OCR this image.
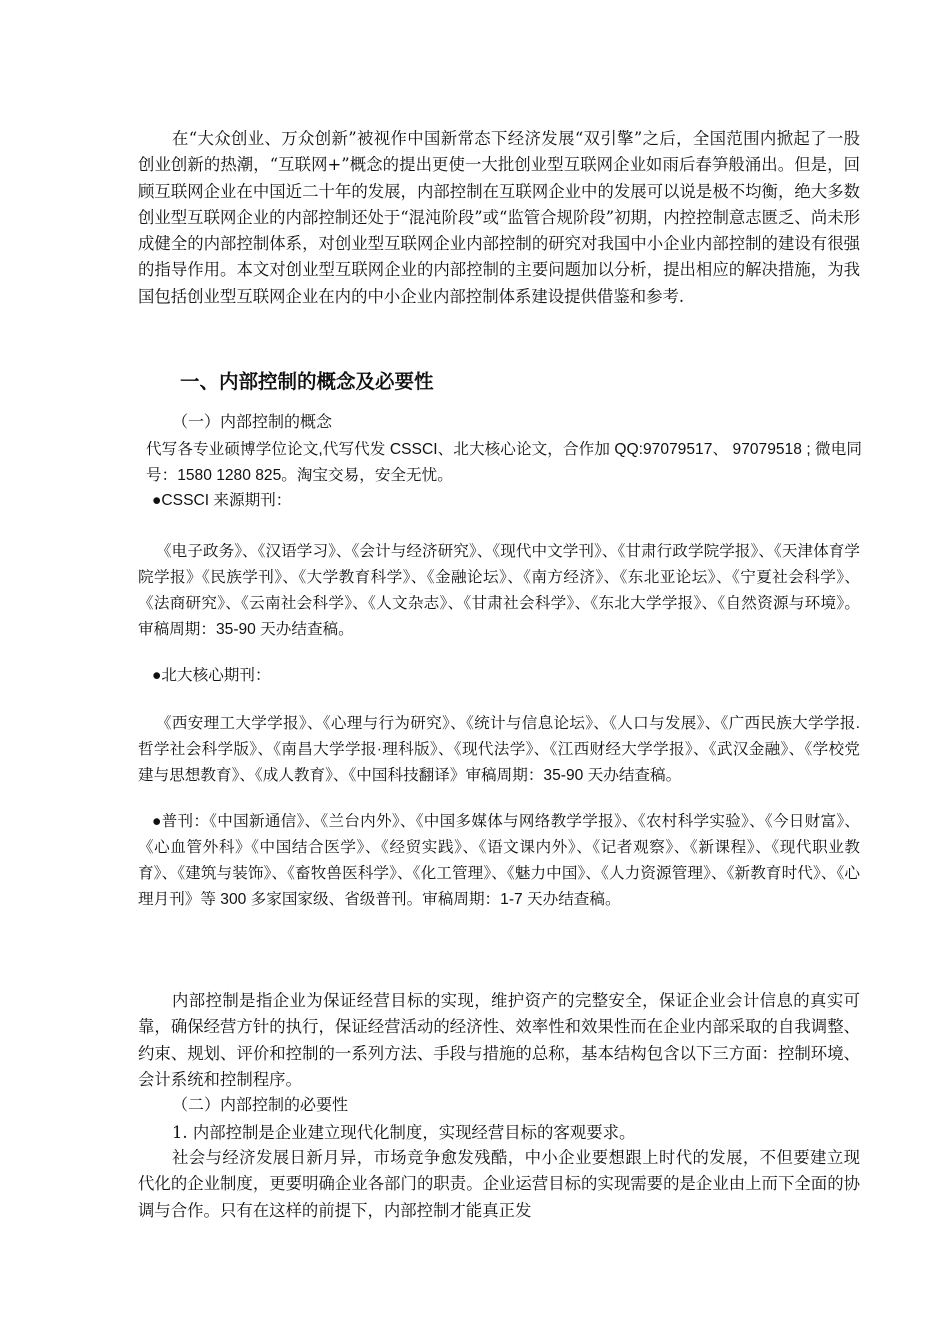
在“大众创业、万众创新”被视作中国新常态下经济发展“双引擎”之后，全国范围内掀起了一股创业创新的热潮，“互联网+”概念的提出更使一大批创业型互联网企业如雨后春笋般涌出。但是，回顾互联网企业在中国近二十年的发展，内部控制在互联网企业中的发展可以说是极不均衡，绝大多数创业型互联网企业的内部控制还处于“混沌阶段”或“监管合规阶段”初期，内控控制意志匮乏、尚未形成健全的内部控制体系，对创业型互联网企业内部控制的研究对我国中小企业内部控制的建设有很强的指导作用。本文对创业型互联网企业的内部控制的主要问题加以分析，提出相应的解决措施，为我国包括创业型互联网企业在内的中小企业内部控制体系建设提供借鉴和参考.

一、内部控制的概念及必要性

（一）内部控制的概念

代写各专业硕博学位论文,代写代发 CSSCI、北大核心论文，合作加 QQ:97079517、 97079518 ; 微电同号：1580 1280 825。淘宝交易，安全无忧。

●CSSCI 来源期刊：

《电子政务》、《汉语学习》、《会计与经济研究》、《现代中文学刊》、《甘肃行政学院学报》、《天津体育学院学报》《民族学刊》、《大学教育科学》、《金融论坛》、《南方经济》、《东北亚论坛》、《宁夏社会科学》、《法商研究》、《云南社会科学》、《人文杂志》、《甘肃社会科学》、《东北大学学报》、《自然资源与环境》。审稿周期：35-90 天办结查稿。

●北大核心期刊：

《西安理工大学学报》、《心理与行为研究》、《统计与信息论坛》、《人口与发展》、《广西民族大学学报.哲学社会科学版》、《南昌大学学报·理科版》、《现代法学》、《江西财经大学学报》、《武汉金融》、《学校党建与思想教育》、《成人教育》、《中国科技翻译》审稿周期：35-90 天办结查稿。

●普刊：《中国新通信》、《兰台内外》、《中国多媒体与网络教学学报》、《农村科学实验》、《今日财富》、《心血管外科》《中国结合医学》、《经贸实践》、《语文课内外》、《记者观察》、《新课程》、《现代职业教育》、《建筑与装饰》、《畜牧兽医科学》、《化工管理》、《魅力中国》、《人力资源管理》、《新教育时代》、《心理月刊》等 300 多家国家级、省级普刊。审稿周期：1-7 天办结查稿。

内部控制是指企业为保证经营目标的实现，维护资产的完整安全，保证企业会计信息的真实可靠，确保经营方针的执行，保证经营活动的经济性、效率性和效果性而在企业内部采取的自我调整、约束、规划、评价和控制的一系列方法、手段与措施的总称，基本结构包含以下三方面：控制环境、会计系统和控制程序。

（二）内部控制的必要性

1. 内部控制是企业建立现代化制度，实现经营目标的客观要求。

社会与经济发展日新月异，市场竞争愈发残酷，中小企业要想跟上时代的发展，不但要建立现代化的企业制度，更要明确企业各部门的职责。企业运营目标的实现需要的是企业由上而下全面的协调与合作。只有在这样的前提下，内部控制才能真正发
